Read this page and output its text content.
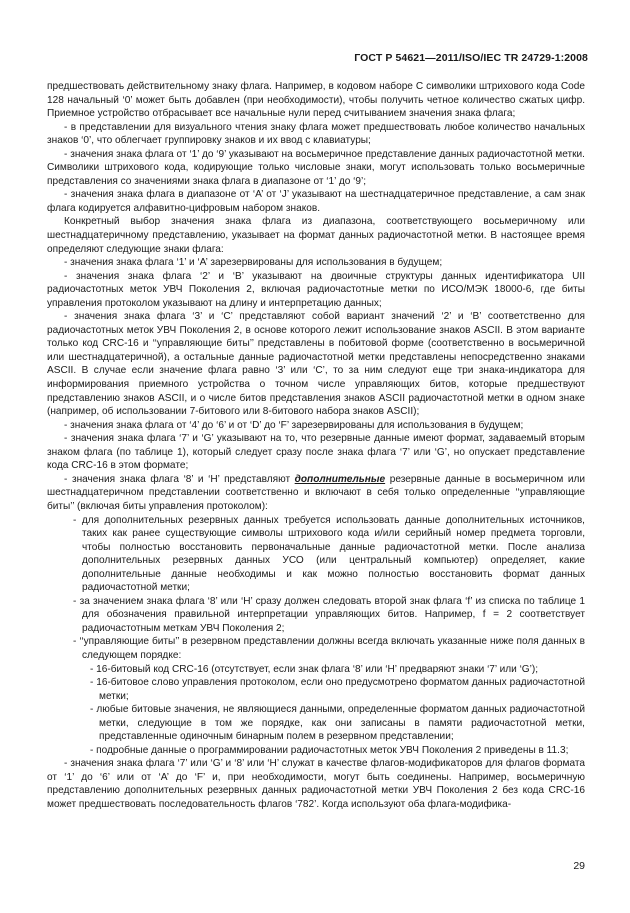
ГОСТ Р 54621—2011/ISO/IEC TR 24729-1:2008

предшествовать действительному знаку флага. Например, в кодовом наборе С символики штрихового кода Code 128 начальный ‘0’ может быть добавлен (при необходимости), чтобы получить четное количество сжатых цифр. Приемное устройство отбрасывает все начальные нули перед считыванием значения знака флага;

- в представлении для визуального чтения знаку флага может предшествовать любое количество начальных знаков ‘0’, что облегчает группировку знаков и их ввод с клавиатуры;

- значения знака флага от ‘1’ до ‘9’ указывают на восьмеричное представление данных радиочастотной метки. Символики штрихового кода, кодирующие только числовые знаки, могут использовать только восьмеричные представления со значениями знака флага в диапазоне от ‘1’ до ‘9’;

- значения знака флага в диапазоне от ‘A’ от ‘J’ указывают на шестнадцатеричное представление, а сам знак флага кодируется алфавитно-цифровым набором знаков.

Конкретный выбор значения знака флага из диапазона, соответствующего восьмеричному или шестнадцатеричному представлению, указывает на формат данных радиочастотной метки. В настоящее время определяют следующие знаки флага:

- значения знака флага ‘1’ и ‘A’ зарезервированы для использования в будущем;

- значения знака флага ‘2’ и ‘B’ указывают на двоичные структуры данных идентификатора UII радиочастотных меток УВЧ Поколения 2, включая радиочастотные метки по ИСО/МЭК 18000-6, где биты управления протоколом указывают на длину и интерпретацию данных;

- значения знака флага ‘3’ и ‘C’ представляют собой вариант значений ‘2’ и ‘B’ соответственно для радиочастотных меток УВЧ Поколения 2, в основе которого лежит использование знаков ASCII. В этом варианте только код CRC-16 и ‘‘управляющие биты’’ представлены в побитовой форме (соответственно в восьмеричной или шестнадцатеричной), а остальные данные радиочастотной метки представлены непосредственно знаками ASCII. В случае если значение флага равно ‘3’ или ‘C’, то за ним следуют еще три знака-индикатора для информирования приемного устройства о точном числе управляющих битов, которые предшествуют представлению знаков ASCII, и о числе битов представления знаков ASCII радиочастотной метки в одном знаке (например, об использовании 7-битового или 8-битового набора знаков ASCII);

- значения знака флага от ‘4’ до ‘6’ и от ‘D’ до ‘F’ зарезервированы для использования в будущем;

- значения знака флага ‘7’ и ‘G’ указывают на то, что резервные данные имеют формат, задаваемый вторым знаком флага (по таблице 1), который следует сразу после знака флага ‘7’ или ‘G’, но опускает представление кода CRC-16 в этом формате;

- значения знака флага ‘8’ и ‘H’ представляют дополнительные резервные данные в восьмеричном или шестнадцатеричном представлении соответственно и включают в себя только определенные ‘‘управляющие биты’’ (включая биты управления протоколом):

- для дополнительных резервных данных требуется использовать данные дополнительных источников, таких как ранее существующие символы штрихового кода и/или серийный номер предмета торговли, чтобы полностью восстановить первоначальные данные радиочастотной метки. После анализа дополнительных резервных данных УСО (или центральный компьютер) определяет, какие дополнительные данные необходимы и как можно полностью восстановить формат данных радиочастотной метки;

- за значением знака флага ‘8’ или ‘H’ сразу должен следовать второй знак флага ‘f’ из списка по таблице 1 для обозначения правильной интерпретации управляющих битов. Например, f = 2 соответствует радиочастотным меткам УВЧ Поколения 2;

- ‘‘управляющие биты’’ в резервном представлении должны всегда включать указанные ниже поля данных в следующем порядке:

- 16-битовый код CRC-16 (отсутствует, если знак флага ‘8’ или ‘H’ предваряют знаки ‘7’ или ‘G’);

- 16-битовое слово управления протоколом, если оно предусмотрено форматом данных радиочастотной метки;

- любые битовые значения, не являющиеся данными, определенные форматом данных радиочастотной метки, следующие в том же порядке, как они записаны в памяти радиочастотной метки, представленные одиночным бинарным полем в резервном представлении;

- подробные данные о программировании радиочастотных меток УВЧ Поколения 2 приведены в 11.3;

- значения знака флага ‘7’ или ‘G’ и ‘8’ или ‘H’ служат в качестве флагов-модификаторов для флагов формата от ‘1’ до ‘6’ или от ‘A’ до ‘F’ и, при необходимости, могут быть соединены. Например, восьмеричную представлению дополнительных резервных данных радиочастотной метки УВЧ Поколения 2 без кода CRC-16 может предшествовать последовательность флагов ‘782’. Когда используют оба флага-модифика-

29
